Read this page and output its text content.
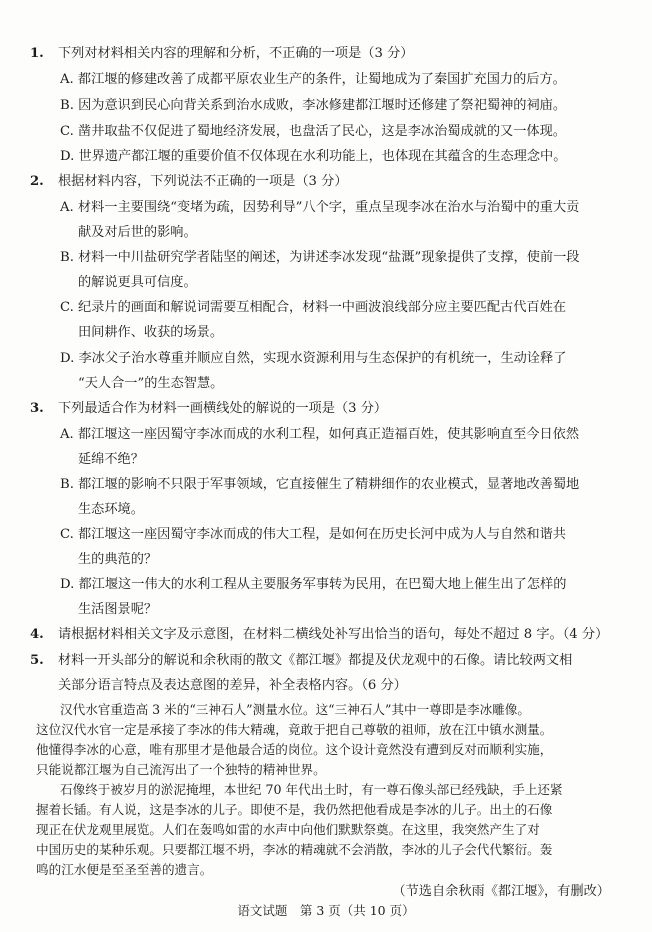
1. 下列对材料相关内容的理解和分析，不正确的一项是（3 分）
A. 都江堰的修建改善了成都平原农业生产的条件，让蜀地成为了秦国扩充国力的后方。
B. 因为意识到民心向背关系到治水成败，李冰修建都江堰时还修建了祭祀蜀神的祠庙。
C. 凿井取盐不仅促进了蜀地经济发展，也盘活了民心，这是李冰治蜀成就的又一体现。
D. 世界遗产都江堰的重要价值不仅体现在水利功能上，也体现在其蕴含的生态理念中。
2. 根据材料内容，下列说法不正确的一项是（3 分）
A. 材料一主要围绕“变堵为疏，因势利导”八个字，重点呈现李冰在治水与治蜀中的重大贡
献及对后世的影响。
B. 材料一中川盐研究学者陆坚的阐述，为讲述李冰发现“盐溉”现象提供了支撑，使前一段
的解说更具可信度。
C. 纪录片的画面和解说词需要互相配合，材料一中画波浪线部分应主要匹配古代百姓在
田间耕作、收获的场景。
D. 李冰父子治水尊重并顺应自然，实现水资源利用与生态保护的有机统一，生动诠释了
“天人合一”的生态智慧。
3. 下列最适合作为材料一画横线处的解说的一项是（3 分）
A. 都江堰这一座因蜀守李冰而成的水利工程，如何真正造福百姓，使其影响直至今日依然
延绵不绝？
B. 都江堰的影响不只限于军事领域，它直接催生了精耕细作的农业模式，显著地改善蜀地
生态环境。
C. 都江堰这一座因蜀守李冰而成的伟大工程，是如何在历史长河中成为人与自然和谐共
生的典范的？
D. 都江堰这一伟大的水利工程从主要服务军事转为民用，在巴蜀大地上催生出了怎样的
生活图景呢？
4. 请根据材料相关文字及示意图，在材料二横线处补写出恰当的语句，每处不超过 8 字。（4 分）
5. 材料一开头部分的解说和余秋雨的散文《都江堰》都提及伏龙观中的石像。请比较两文相
关部分语言特点及表达意图的差异，补全表格内容。（6 分）
语文试题　第 3 页（共 10 页）
汉代水官重造高 3 米的“三神石人”测量水位。这“三神石人”其中一尊即是李冰雕像。
这位汉代水官一定是承接了李冰的伟大精魂，竟敢于把自己尊敬的祖师，放在江中镇水测量。
他懂得李冰的心意，唯有那里才是他最合适的岗位。这个设计竟然没有遭到反对而顺利实施，
只能说都江堰为自己流泻出了一个独特的精神世界。
石像终于被岁月的淤泥掩埋，本世纪 70 年代出土时，有一尊石像头部已经残缺，手上还紧
握着长锸。有人说，这是李冰的儿子。即使不是，我仍然把他看成是李冰的儿子。出土的石像
现正在伏龙观里展览。人们在轰鸣如雷的水声中向他们默默祭奠。在这里，我突然产生了对
中国历史的某种乐观。只要都江堰不坍，李冰的精魂就不会消散，李冰的儿子会代代繁衍。轰
鸣的江水便是至圣至善的遗言。
（节选自余秋雨《都江堰》，有删改）
